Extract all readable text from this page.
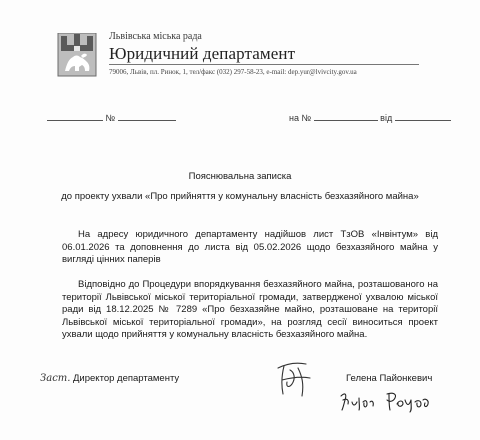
Львівська міська рада
Юридичний департамент
79006, Львів, пл. Ринок, 1, тел/факс (032) 297-58-23, e-mail: dep.yur@lvivcity.gov.ua
№	на №	від
Пояснювальна записка
до проекту ухвали «Про прийняття у комунальну власність безхазяйного майна»

На адресу юридичного департаменту надійшов лист ТзОВ «Інвінтум» від 06.01.2026 та доповнення до листа від 05.02.2026 щодо безхазяйного майна у вигляді цінних паперів

Відповідно до Процедури впорядкування безхазяйного майна, розташованого на території Львівської міської територіальної громади, затвердженої ухвалою міської ради від 18.12.2025 № 7289 «Про безхазяйне майно, розташоване на території Львівської міської територіальної громади», на розгляд сесії виноситься проект ухвали щодо прийняття у комунальну власність безхазяйного майна.

Заст. Директор департаменту	Гелена Пайонкевич
